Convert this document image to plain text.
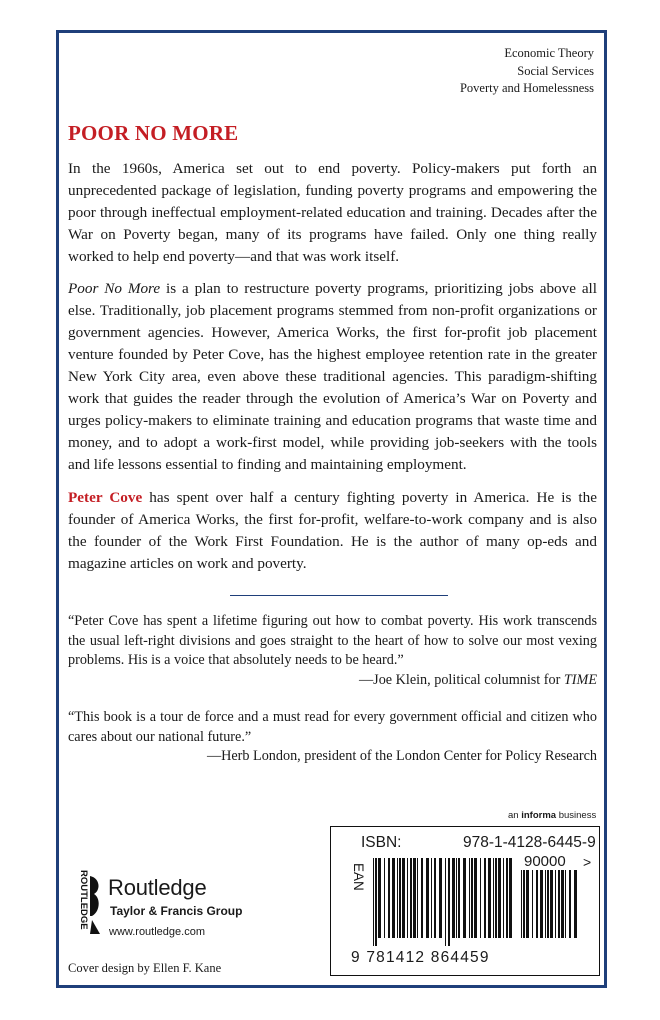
Economic Theory
Social Services
Poverty and Homelessness
POOR NO MORE

In the 1960s, America set out to end poverty. Policy-makers put forth an unprecedented package of legislation, funding poverty programs and empowering the poor through ineffectual employment-related education and training. Decades after the War on Poverty began, many of its programs have failed. Only one thing really worked to help end poverty—and that was work itself.

Poor No More is a plan to restructure poverty programs, prioritizing jobs above all else. Traditionally, job placement programs stemmed from non-profit organizations or government agencies. However, America Works, the first for-profit job placement venture founded by Peter Cove, has the highest employee retention rate in the greater New York City area, even above these traditional agencies. This paradigm-shifting work that guides the reader through the evolution of America’s War on Poverty and urges policy-makers to eliminate training and education programs that waste time and money, and to adopt a work-first model, while providing job-seekers with the tools and life lessons essential to finding and maintaining employment.

Peter Cove has spent over half a century fighting poverty in America. He is the founder of America Works, the first for-profit, welfare-to-work company and is also the founder of the Work First Foundation. He is the author of many op-eds and magazine articles on work and poverty.

“Peter Cove has spent a lifetime figuring out how to combat poverty. His work transcends the usual left-right divisions and goes straight to the heart of how to solve our most vexing problems. His is a voice that absolutely needs to be heard.”
—Joe Klein, political columnist for TIME

“This book is a tour de force and a must read for every government official and citizen who cares about our national future.”
—Herb London, president of the London Center for Policy Research

an informa business
ISBN:	978-1-4128-6445-9
EAN
90000 >
9 781412 864459
ROUTLEDGE Routledge
Taylor & Francis Group
www.routledge.com
Cover design by Ellen F. Kane
